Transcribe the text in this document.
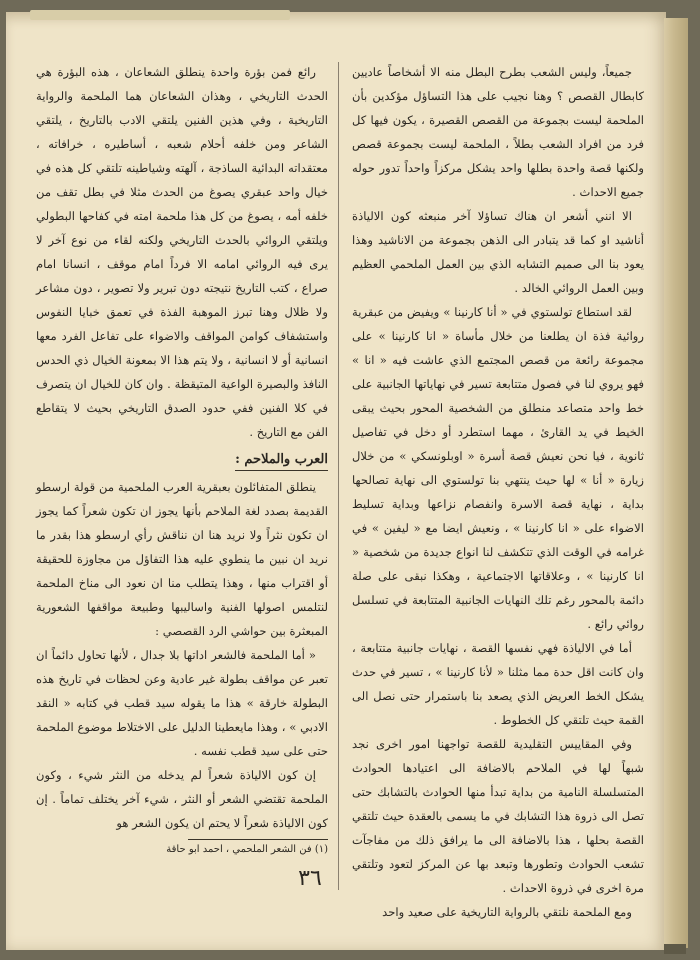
جميعاً، وليس الشعب بطرح البطل منه الا أشخاصاً عاديين كابطال القصص ؟ وهنا نجيب على هذا التساؤل مؤكدين بأن الملحمة ليست بجموعة من القصص القصيرة ، يكون فيها كل فرد من افراد الشعب بطلاً ، الملحمة ليست بجموعة قصص ولكنها قصة واحدة بطلها واحد يشكل مركزاً واحداً تدور حوله جميع الاحداث .

الا انني أشعر ان هناك تساؤلا آخر منبعثه كون الالياذة أناشيد او كما قد يتبادر الى الذهن بجموعة من الاناشيد وهذا يعود بنا الى صميم التشابه الذي بين العمل الملحمي العظيم وبين العمل الروائي الخالد .

لقد استطاع تولستوي في « أنا كارنينا » ويفيض من عبقرية روائية فذة ان يطلعنا من خلال مأساة « انا كارنينا » على مجموعة رائعة من قصص المجتمع الذي عاشت فيه « انا » فهو يروي لنا في فصول متتابعة تسير في نهاياتها الجانبية على خط واحد متصاعد منطلق من الشخصية المحور بحيث يبقى الخيط في يد القارئ ، مهما استطرد أو دخل في تفاصيل ثانوية ، فيا نحن نعيش قصة أسرة « اوبلونسكي » من خلال زيارة « أنا » لها حيث ينتهي بنا تولستوي الى نهاية تصالحها بداية ، نهاية قصة الاسرة وانفصام نزاعها وبداية تسليط الاضواء على « انا كارنينا » ، ونعيش ايضا مع « ليفين » في غرامه في الوقت الذي تتكشف لنا انواع جديدة من شخصية « انا كارنينا » ، وعلاقاتها الاجتماعية ، وهكذا نبقى على صلة دائمة بالمحور رغم تلك النهايات الجانبية المتتابعة في تسلسل روائي رائع .

أما في الالياذة فهي نفسها القصة ، نهايات جانبية متتابعة ، وان كانت اقل حدة مما مثلنا « لأنا كارنينا » ، تسير في حدث يشكل الخط العريض الذي يصعد بنا باستمرار حتى نصل الى القمة حيث تلتقي كل الخطوط .

وفي المقاييس التقليدية للقصة تواجهنا امور اخرى نجد شبهاً لها في الملاحم بالاضافة الى اعتيادها الحوادث المتسلسلة النامية من بداية تبدأ منها الحوادث بالتشابك حتى تصل الى ذروة هذا التشابك في ما يسمى بالعقدة حيث تلتقي القصة بحلها ، هذا بالاضافة الى ما يرافق ذلك من مفاجآت تشعب الحوادث وتطورها وتبعد بها عن المركز لتعود وتلتقي مرة اخرى في ذروة الاحداث .

ومع الملحمة نلتقي بالرواية التاريخية على صعيد واحد

رائع فمن بؤرة واحدة ينطلق الشعاعان ، هذه البؤرة هي الحدث التاريخي ، وهذان الشعاعان هما الملحمة والرواية التاريخية ، وفي هذين الفنين يلتقي الادب بالتاريخ ، يلتقي الشاعر ومن خلفه أحلام شعبه ، أساطيره ، خرافاته ، معتقداته البدائية الساذجة ، آلهته وشياطينه تلتقي كل هذه في خيال واحد عبقري يصوغ من الحدث مثلا في بطل تقف من خلفه أمه ، يصوغ من كل هذا ملحمة امته في كفاحها البطولي ويلتقي الروائي بالحدث التاريخي ولكنه لقاء من نوع آخر لا يرى فيه الروائي امامه الا فرداً امام موقف ، انسانا امام صراع ، كتب التاريخ نتيجته دون تبرير ولا تصوير ، دون مشاعر ولا ظلال وهنا تبرز الموهبة الفذة في تعمق خبايا النفوس واستشفاف كوامن المواقف والاضواء على تفاعل الفرد معها انسانية أو لا انسانية ، ولا يتم هذا الا بمعونة الخيال ذي الحدس النافذ والبصيرة الواعية المتيقظة . وان كان للخيال ان يتصرف في كلا الفنين ففي حدود الصدق التاريخي بحيث لا يتقاطع الفن مع التاريخ .

العرب والملاحم :

ينطلق المتفائلون بعبقرية العرب الملحمية من قولة ارسطو القديمة بصدد لغة الملاحم بأنها يجوز ان تكون شعراً كما يجوز ان تكون نثراً ولا نريد هنا ان نناقش رأي ارسطو هذا بقدر ما نريد ان نبين ما ينطوي عليه هذا التفاؤل من مجاوزة للحقيقة أو اقتراب منها ، وهذا يتطلب منا ان نعود الى مناخ الملحمة لنتلمس اصولها الفنية واساليبها وطبيعة مواقفها الشعورية المبعثرة بين حواشي الرد القصصي :

« أما الملحمة فالشعر اداتها بلا جدال ، لأنها تحاول دائماً ان تعبر عن مواقف بطولة غير عادية وعن لحظات في تاريخ هذه البطولة خارقة » هذا ما يقوله سيد قطب في كتابه « النقد الادبي » ، وهذا مايعطينا الدليل على الاختلاط موضوع الملحمة حتى على سيد قطب نفسه .

إن كون الالياذة شعراً لم يدخله من النثر شيء ، وكون الملحمة تقتضي الشعر أو النثر ، شيء آخر يختلف تماماً . إن كون الالياذة شعراً لا يحتم ان يكون الشعر هو

(١) فن الشعر الملحمي ، احمد ابو حاقة

٣٦
